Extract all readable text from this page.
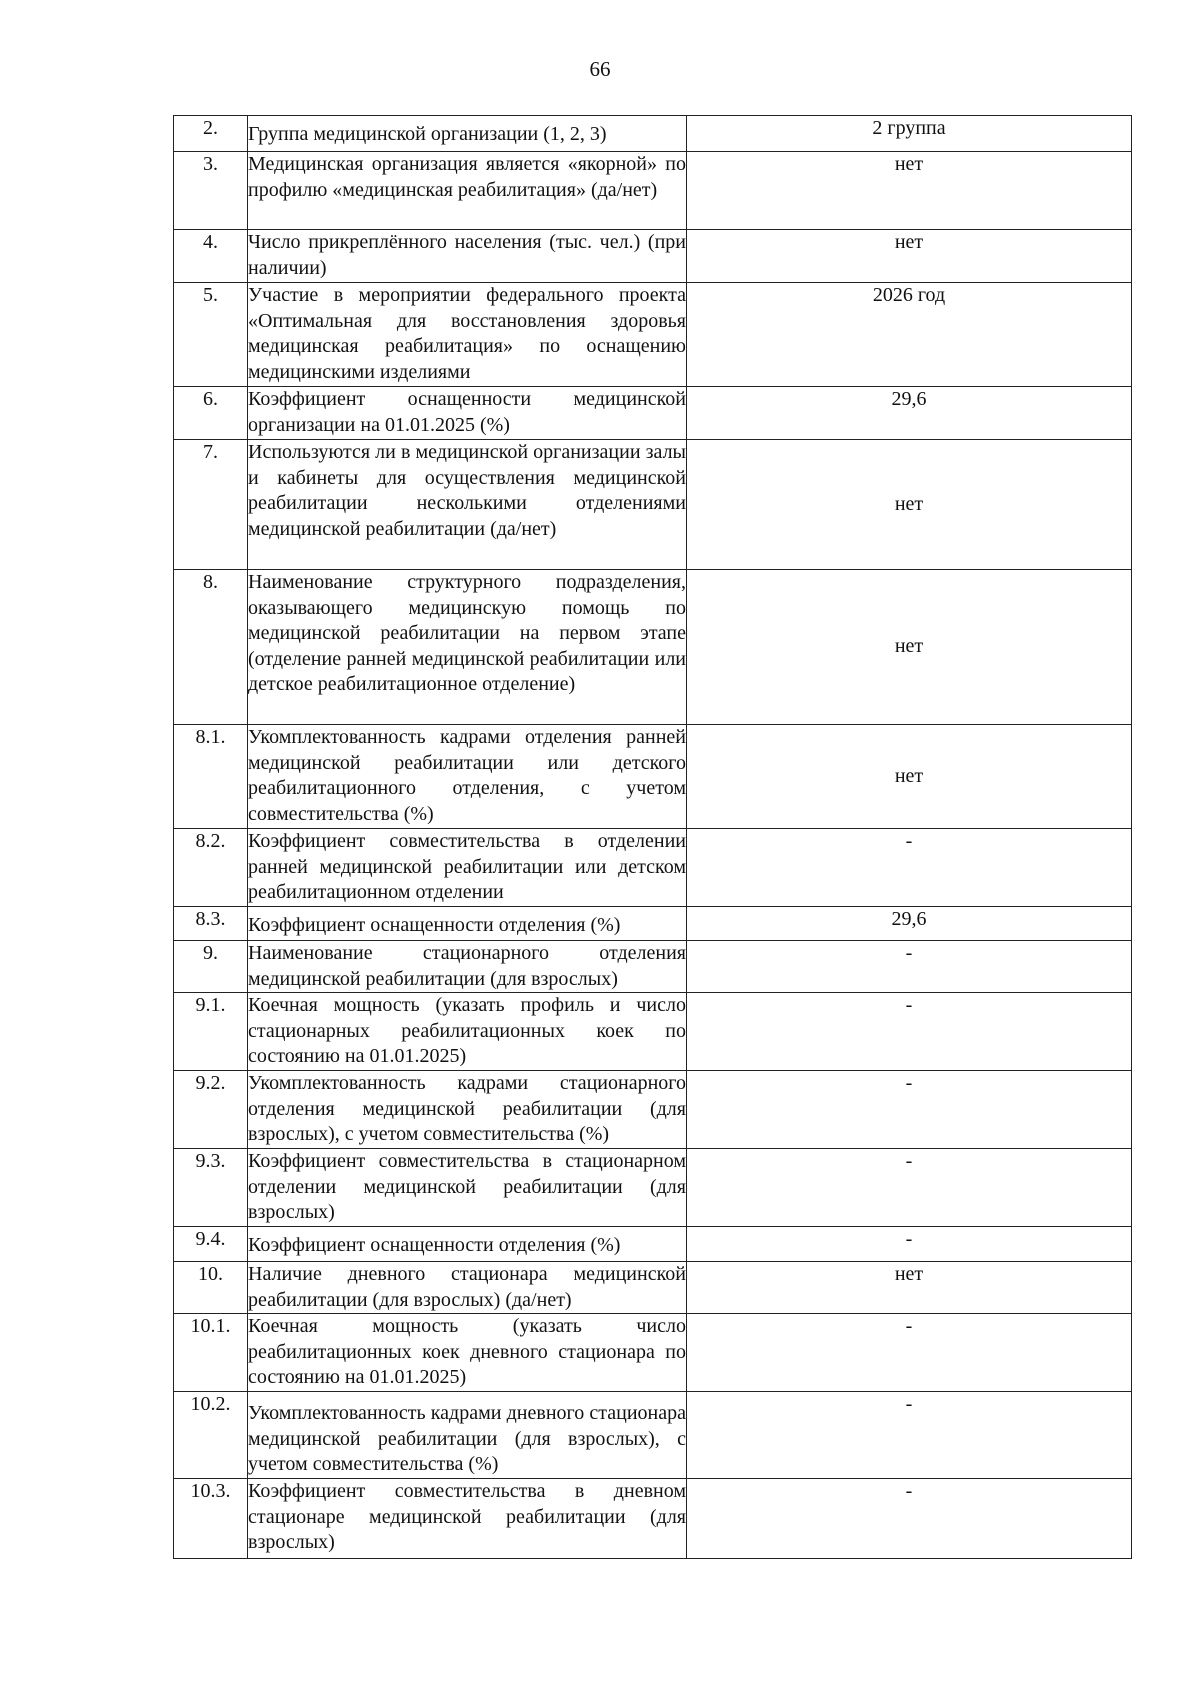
66
2.	Группа медицинской организации (1, 2, 3)	2 группа
3.	Медицинская организация является «якорной» по профилю «медицинская реабилитация» (да/нет)	нет
4.	Число прикреплённого населения (тыс. чел.) (при наличии)	нет
5.	Участие в мероприятии федерального проекта «Оптимальная для восстановления здоровья медицинская реабилитация» по оснащению медицинскими изделиями	2026 год
6.	Коэффициент оснащенности медицинской организации на 01.01.2025 (%)	29,6
7.	Используются ли в медицинской организации залы и кабинеты для осуществления медицинской реабилитации несколькими отделениями медицинской реабилитации (да/нет)	нет
8.	Наименование структурного подразделения, оказывающего медицинскую помощь по медицинской реабилитации на первом этапе (отделение ранней медицинской реабилитации или детское реабилитационное отделение)	нет
8.1.	Укомплектованность кадрами отделения ранней медицинской реабилитации или детского реабилитационного отделения, с учетом совместительства (%)	нет
8.2.	Коэффициент совместительства в отделении ранней медицинской реабилитации или детском реабилитационном отделении	-
8.3.	Коэффициент оснащенности отделения (%)	29,6
9.	Наименование стационарного отделения медицинской реабилитации (для взрослых)	-
9.1.	Коечная мощность (указать профиль и число стационарных реабилитационных коек по состоянию на 01.01.2025)	-
9.2.	Укомплектованность кадрами стационарного отделения медицинской реабилитации (для взрослых), с учетом совместительства (%)	-
9.3.	Коэффициент совместительства в стационарном отделении медицинской реабилитации (для взрослых)	-
9.4.	Коэффициент оснащенности отделения (%)	-
10.	Наличие дневного стационара медицинской реабилитации (для взрослых) (да/нет)	нет
10.1.	Коечная мощность (указать число реабилитационных коек дневного стационара по состоянию на 01.01.2025)	-
10.2.	Укомплектованность кадрами дневного стационара медицинской реабилитации (для взрослых), с учетом совместительства (%)	-
10.3.	Коэффициент совместительства в дневном стационаре медицинской реабилитации (для взрослых)	-
